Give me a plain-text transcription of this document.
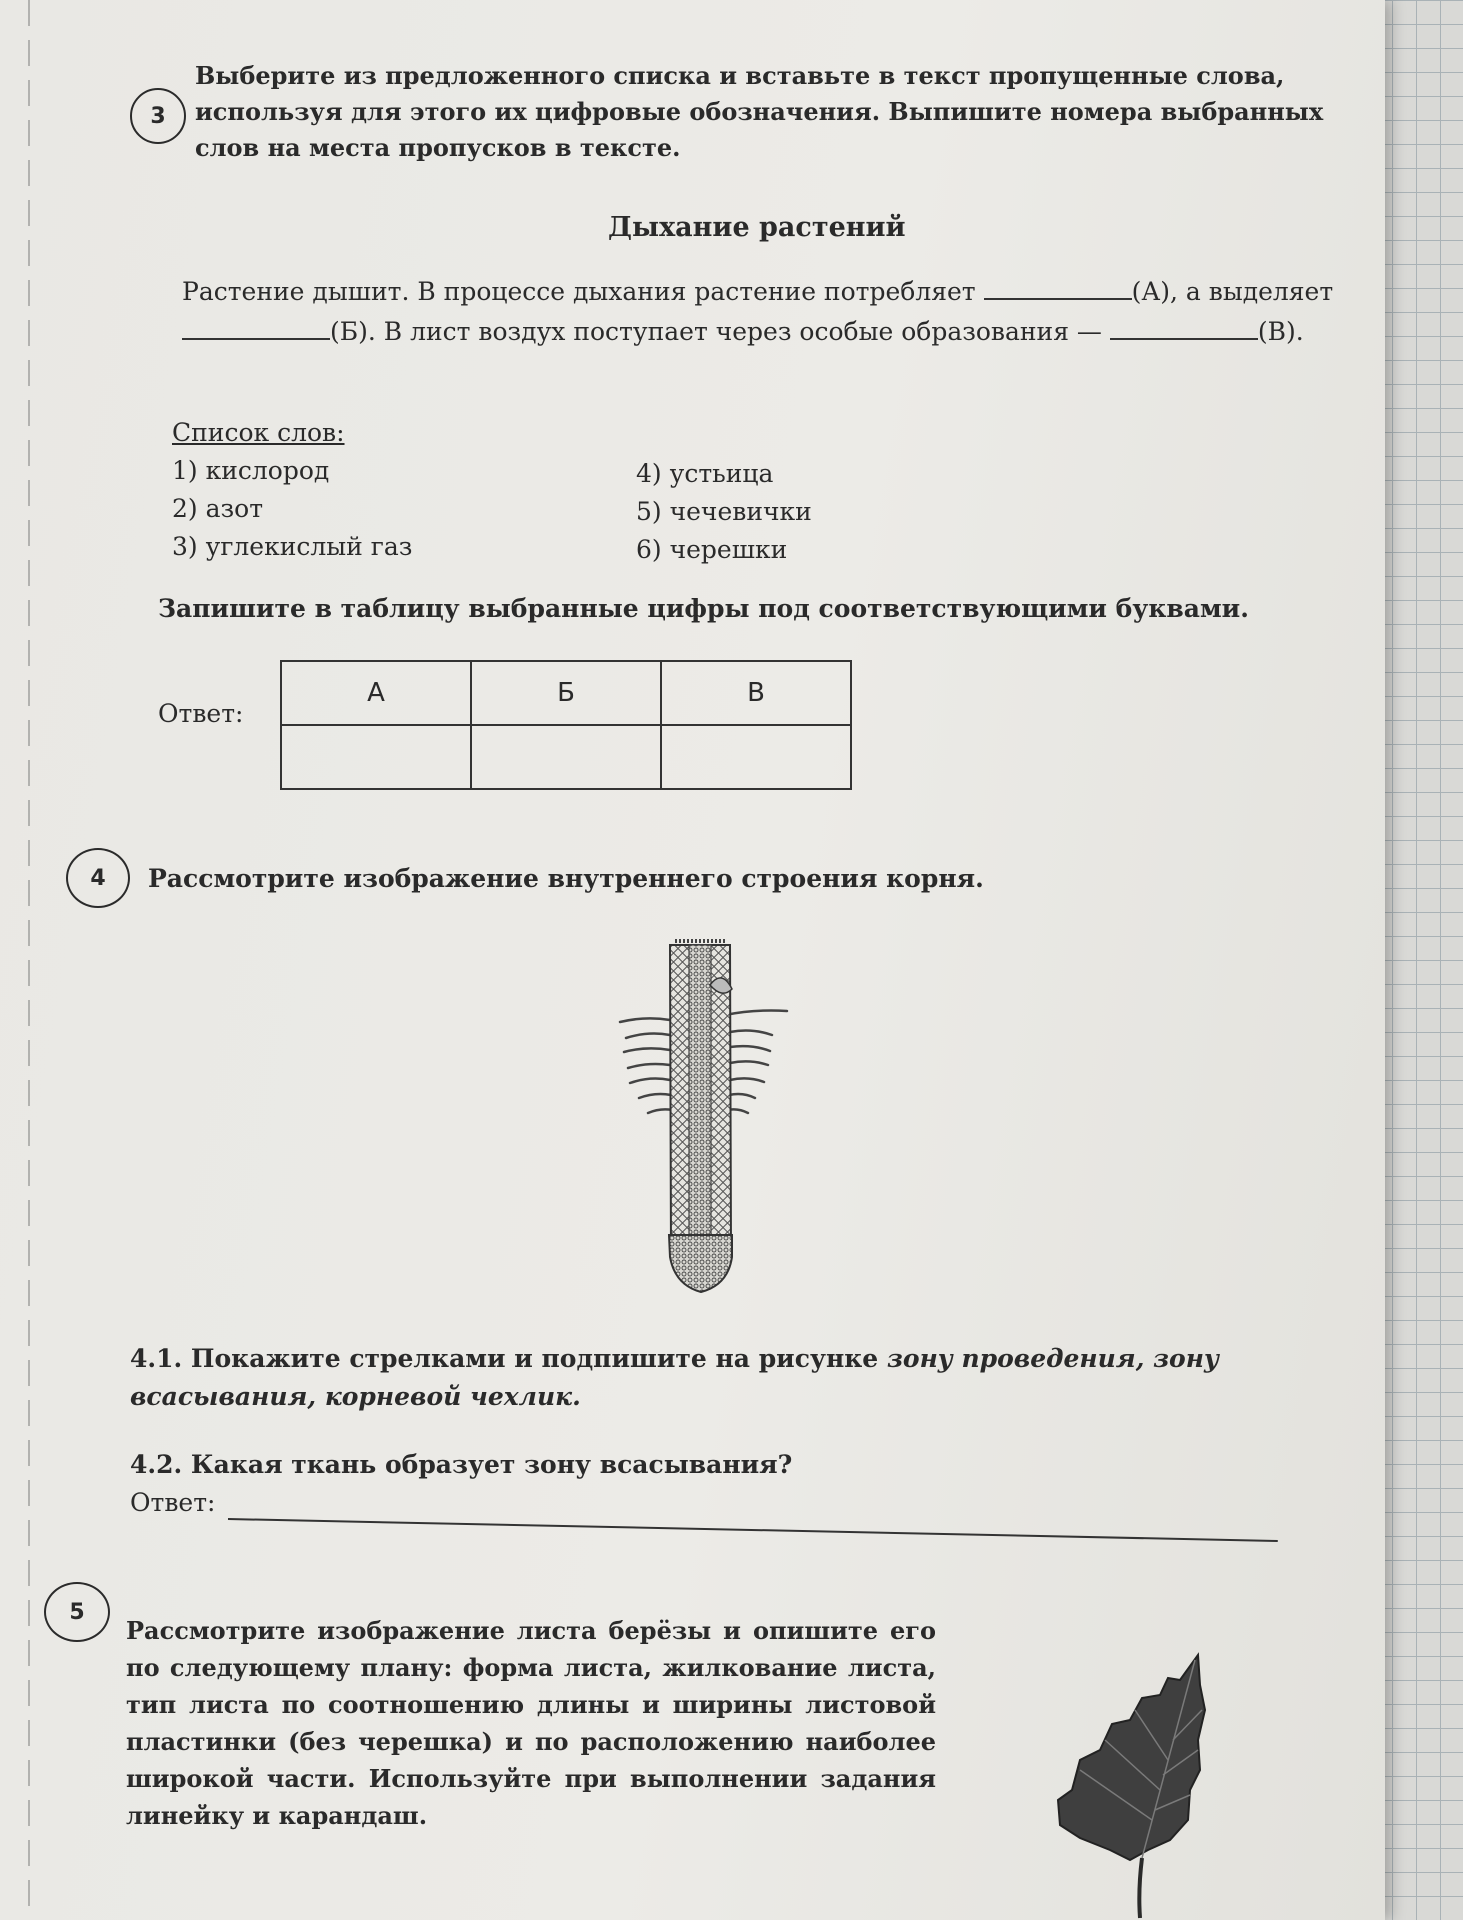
3
Выберите из предложенного списка и вставьте в текст пропущенные слова, используя для этого их цифровые обозначения. Выпишите номера выбранных слов на места пропусков в тексте.
Дыхание растений
Растение дышит. В процессе дыхания растение потребляет	(А), а выделяет (Б). В лист воздух поступает через особые образования —	(В).
Список слов:
1) кислород
2) азот
3) углекислый газ
4) устьица
5) чечевички
6) черешки
Запишите в таблицу выбранные цифры под соответствующими буквами.
Ответ:
А	Б	В

4	Рассмотрите изображение внутреннего строения корня.
4.1. Покажите стрелками и подпишите на рисунке зону проведения, зону всасывания, корневой чехлик.
4.2. Какая ткань образует зону всасывания?
Ответ:
5
Рассмотрите изображение листа берёзы и опишите его по следующему плану: форма листа, жилкование листа, тип листа по соотношению длины и ширины листовой пластинки (без черешка) и по расположению наиболее широкой части. Используйте при выполнении задания линейку и карандаш.
